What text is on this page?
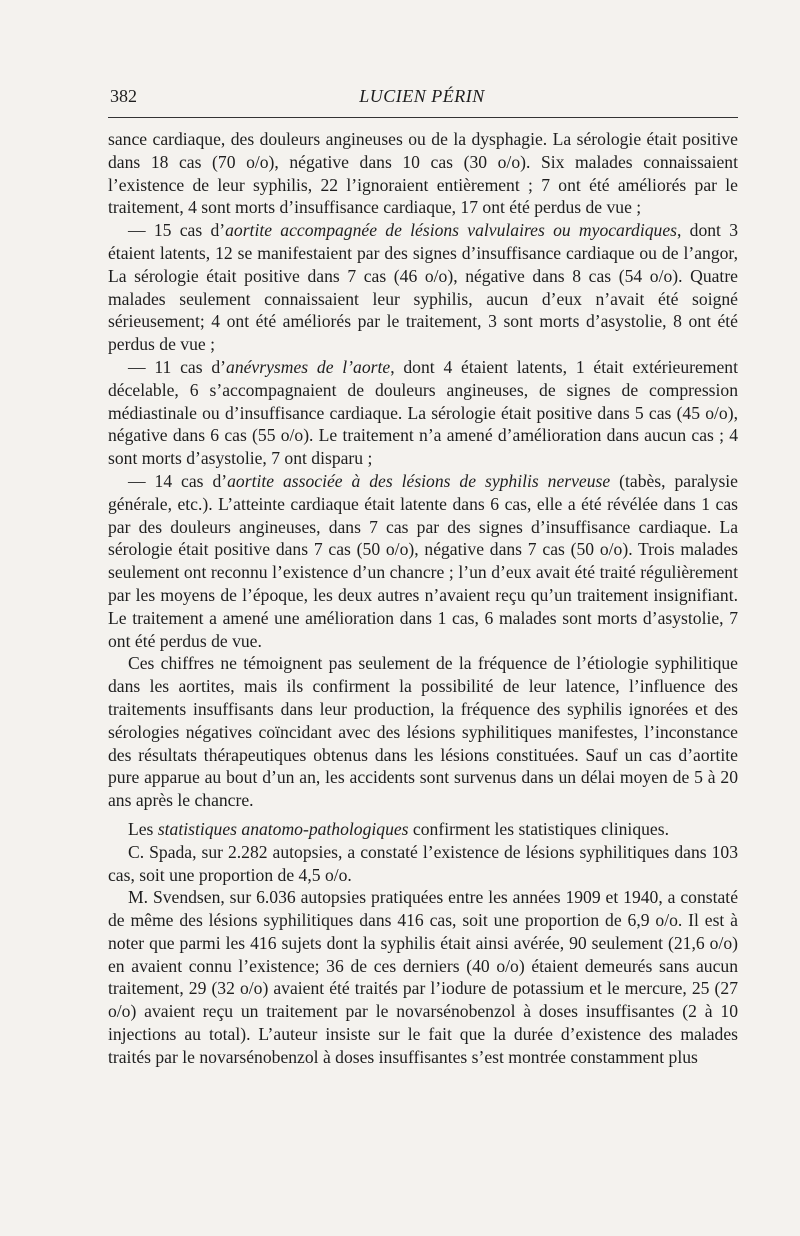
382	LUCIEN PÉRIN

sance cardiaque, des douleurs angineuses ou de la dysphagie. La sérologie était positive dans 18 cas (70 o/o), négative dans 10 cas (30 o/o). Six malades connaissaient l’existence de leur syphilis, 22 l’ignoraient entièrement ; 7 ont été améliorés par le traitement, 4 sont morts d’insuffisance cardiaque, 17 ont été perdus de vue ;

— 15 cas d’aortite accompagnée de lésions valvulaires ou myocardiques, dont 3 étaient latents, 12 se manifestaient par des signes d’insuffisance cardiaque ou de l’angor, La sérologie était positive dans 7 cas (46 o/o), négative dans 8 cas (54 o/o). Quatre malades seulement connaissaient leur syphilis, aucun d’eux n’avait été soigné sérieusement; 4 ont été améliorés par le traitement, 3 sont morts d’asystolie, 8 ont été perdus de vue ;

— 11 cas d’anévrysmes de l’aorte, dont 4 étaient latents, 1 était extérieurement décelable, 6 s’accompagnaient de douleurs angineuses, de signes de compression médiastinale ou d’insuffisance cardiaque. La sérologie était positive dans 5 cas (45 o/o), négative dans 6 cas (55 o/o). Le traitement n’a amené d’amélioration dans aucun cas ; 4 sont morts d’asystolie, 7 ont disparu ;

— 14 cas d’aortite associée à des lésions de syphilis nerveuse (tabès, paralysie générale, etc.). L’atteinte cardiaque était latente dans 6 cas, elle a été révélée dans 1 cas par des douleurs angineuses, dans 7 cas par des signes d’insuffisance cardiaque. La sérologie était positive dans 7 cas (50 o/o), négative dans 7 cas (50 o/o). Trois malades seulement ont reconnu l’existence d’un chancre ; l’un d’eux avait été traité régulièrement par les moyens de l’époque, les deux autres n’avaient reçu qu’un traitement insignifiant. Le traitement a amené une amélioration dans 1 cas, 6 malades sont morts d’asystolie, 7 ont été perdus de vue.

Ces chiffres ne témoignent pas seulement de la fréquence de l’étiologie syphilitique dans les aortites, mais ils confirment la possibilité de leur latence, l’influence des traitements insuffisants dans leur production, la fréquence des syphilis ignorées et des sérologies négatives coïncidant avec des lésions syphilitiques manifestes, l’inconstance des résultats thérapeutiques obtenus dans les lésions constituées. Sauf un cas d’aortite pure apparue au bout d’un an, les accidents sont survenus dans un délai moyen de 5 à 20 ans après le chancre.

Les statistiques anatomo-pathologiques confirment les statistiques cliniques.

C. Spada, sur 2.282 autopsies, a constaté l’existence de lésions syphilitiques dans 103 cas, soit une proportion de 4,5 o/o.

M. Svendsen, sur 6.036 autopsies pratiquées entre les années 1909 et 1940, a constaté de même des lésions syphilitiques dans 416 cas, soit une proportion de 6,9 o/o. Il est à noter que parmi les 416 sujets dont la syphilis était ainsi avérée, 90 seulement (21,6 o/o) en avaient connu l’existence; 36 de ces derniers (40 o/o) étaient demeurés sans aucun traitement, 29 (32 o/o) avaient été traités par l’iodure de potassium et le mercure, 25 (27 o/o) avaient reçu un traitement par le novarsénobenzol à doses insuffisantes (2 à 10 injections au total). L’auteur insiste sur le fait que la durée d’existence des malades traités par le novarsénobenzol à doses insuffisantes s’est montrée constamment plus
